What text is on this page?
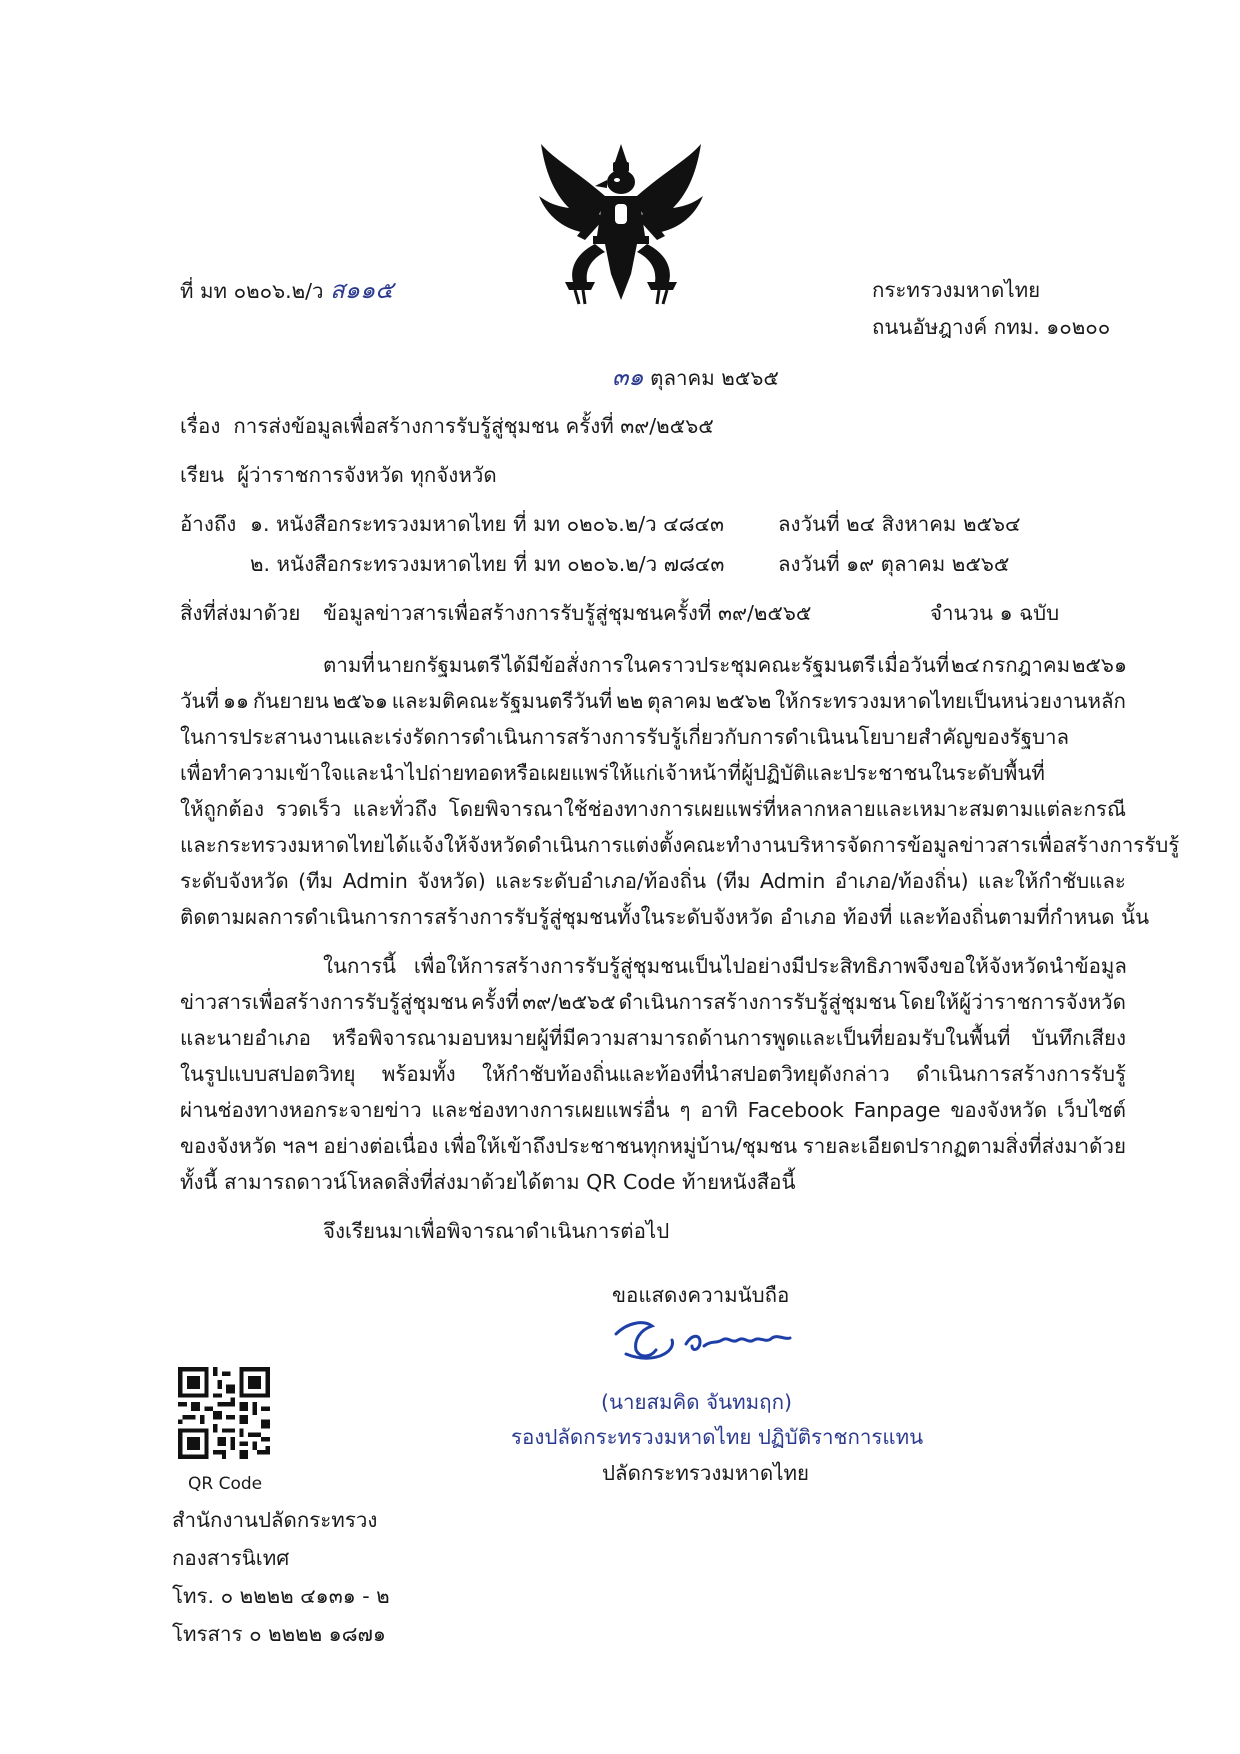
ที่ มท ๐๒๐๖.๒/ว ส๑๑๕	กระทรวงมหาดไทย
ถนนอัษฎางค์ กทม. ๑๐๒๐๐
๓๑ ตุลาคม ๒๕๖๕
เรื่อง การส่งข้อมูลเพื่อสร้างการรับรู้สู่ชุมชน ครั้งที่ ๓๙/๒๕๖๕
เรียน ผู้ว่าราชการจังหวัด ทุกจังหวัด
อ้างถึง ๑. หนังสือกระทรวงมหาดไทย ที่ มท ๐๒๐๖.๒/ว ๔๘๔๓	ลงวันที่ ๒๔ สิงหาคม ๒๕๖๔
๒. หนังสือกระทรวงมหาดไทย ที่ มท ๐๒๐๖.๒/ว ๗๘๔๓	ลงวันที่ ๑๙ ตุลาคม ๒๕๖๕
สิ่งที่ส่งมาด้วย ข้อมูลข่าวสารเพื่อสร้างการรับรู้สู่ชุมชนครั้งที่ ๓๙/๒๕๖๕	จำนวน ๑ ฉบับ
ตามที่ นายกรัฐมนตรี ได้มีข้อสั่งการในคราวประชุมคณะรัฐมนตรี เมื่อวันที่ ๒๔ กรกฎาคม ๒๕๖๑
วันที่ ๑๑ กันยายน ๒๕๖๑ และมติคณะรัฐมนตรีวันที่ ๒๒ ตุลาคม ๒๕๖๒ ให้กระทรวงมหาดไทยเป็นหน่วยงานหลัก
ในการประสานงานและเร่งรัดการดำเนินการสร้างการรับรู้เกี่ยวกับการดำเนินนโยบายสำคัญของรัฐบาล
เพื่อทำความเข้าใจและนำไปถ่ายทอดหรือเผยแพร่ให้แก่เจ้าหน้าที่ผู้ปฏิบัติและประชาชนในระดับพื้นที่
ให้ถูกต้อง รวดเร็ว และทั่วถึง โดยพิจารณาใช้ช่องทางการเผยแพร่ที่หลากหลายและเหมาะสมตามแต่ละกรณี
และกระทรวงมหาดไทยได้แจ้งให้จังหวัดดำเนินการแต่งตั้งคณะทำงานบริหารจัดการข้อมูลข่าวสารเพื่อสร้างการรับรู้
ระดับจังหวัด (ทีม Admin จังหวัด) และระดับอำเภอ/ท้องถิ่น (ทีม Admin อำเภอ/ท้องถิ่น) และให้กำชับและ
ติดตามผลการดำเนินการการสร้างการรับรู้สู่ชุมชนทั้งในระดับจังหวัด อำเภอ ท้องที่ และท้องถิ่นตามที่กำหนด นั้น
ในการนี้ เพื่อให้การสร้างการรับรู้สู่ชุมชนเป็นไปอย่างมีประสิทธิภาพจึงขอให้จังหวัดนำข้อมูล
ข่าวสารเพื่อสร้างการรับรู้สู่ชุมชน ครั้งที่ ๓๙/๒๕๖๕ ดำเนินการสร้างการรับรู้สู่ชุมชน โดยให้ผู้ว่าราชการจังหวัด
และนายอำเภอ หรือพิจารณามอบหมายผู้ที่มีความสามารถด้านการพูดและเป็นที่ยอมรับในพื้นที่ บันทึกเสียง
ในรูปแบบสปอตวิทยุ พร้อมทั้ง ให้กำชับท้องถิ่นและท้องที่นำสปอตวิทยุดังกล่าว ดำเนินการสร้างการรับรู้
ผ่านช่องทางหอกระจายข่าว และช่องทางการเผยแพร่อื่น ๆ อาทิ Facebook Fanpage ของจังหวัด เว็บไซต์
ของจังหวัด ฯลฯ อย่างต่อเนื่อง เพื่อให้เข้าถึงประชาชนทุกหมู่บ้าน/ชุมชน รายละเอียดปรากฏตามสิ่งที่ส่งมาด้วย
ทั้งนี้ สามารถดาวน์โหลดสิ่งที่ส่งมาด้วยได้ตาม QR Code ท้ายหนังสือนี้
จึงเรียนมาเพื่อพิจารณาดำเนินการต่อไป
ขอแสดงความนับถือ
(นายสมคิด จันทมฤก)
รองปลัดกระทรวงมหาดไทย ปฏิบัติราชการแทน
ปลัดกระทรวงมหาดไทย
QR Code
สำนักงานปลัดกระทรวง
กองสารนิเทศ
โทร. ๐ ๒๒๒๒ ๔๑๓๑ - ๒
โทรสาร ๐ ๒๒๒๒ ๑๘๗๑
